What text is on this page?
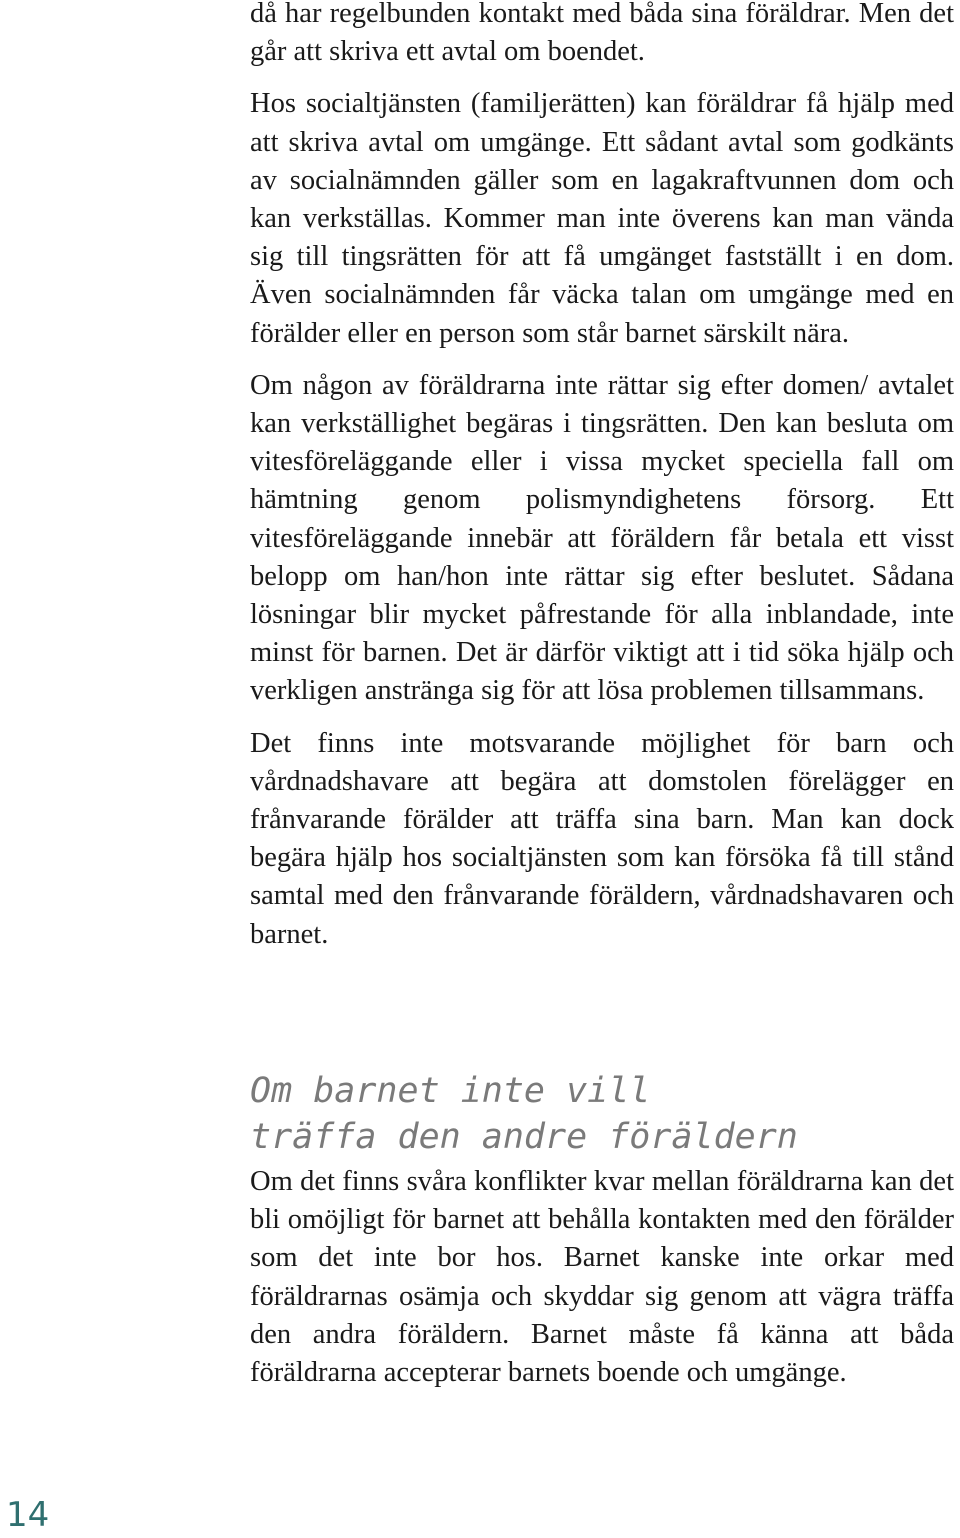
då har regelbunden kontakt med båda sina föräldrar. Men det går att skriva ett avtal om boendet.

Hos socialtjänsten (familjerätten) kan föräldrar få hjälp med att skriva avtal om umgänge. Ett sådant avtal som godkänts av socialnämnden gäller som en lagakraftvunnen dom och kan verkställas. Kommer man inte överens kan man vända sig till tingsrätten för att få umgänget fastställt i en dom. Även socialnämnden får väcka talan om umgänge med en förälder eller en person som står barnet särskilt nära.

Om någon av föräldrarna inte rättar sig efter domen/ avtalet kan verkställighet begäras i tingsrätten. Den kan besluta om vitesföreläggande eller i vissa mycket speciella fall om hämtning genom polismyndighetens försorg. Ett vitesföreläggande innebär att föräldern får betala ett visst belopp om han/hon inte rättar sig efter beslutet. Sådana lösningar blir mycket påfrestande för alla inblandade, inte minst för barnen. Det är därför viktigt att i tid söka hjälp och verkligen anstränga sig för att lösa problemen tillsammans.

Det finns inte motsvarande möjlighet för barn och vårdnadshavare att begära att domstolen förelägger en frånvarande förälder att träffa sina barn. Man kan dock begära hjälp hos socialtjänsten som kan försöka få till stånd samtal med den frånvarande föräldern, vårdnadshavaren och barnet.

Om barnet inte vill
träffa den andre föräldern

Om det finns svåra konflikter kvar mellan föräldrarna kan det bli omöjligt för barnet att behålla kontakten med den förälder som det inte bor hos. Barnet kanske inte orkar med föräldrarnas osämja och skyddar sig genom att vägra träffa den andra föräldern. Barnet måste få känna att båda föräldrarna accepterar barnets boende och umgänge.

14
